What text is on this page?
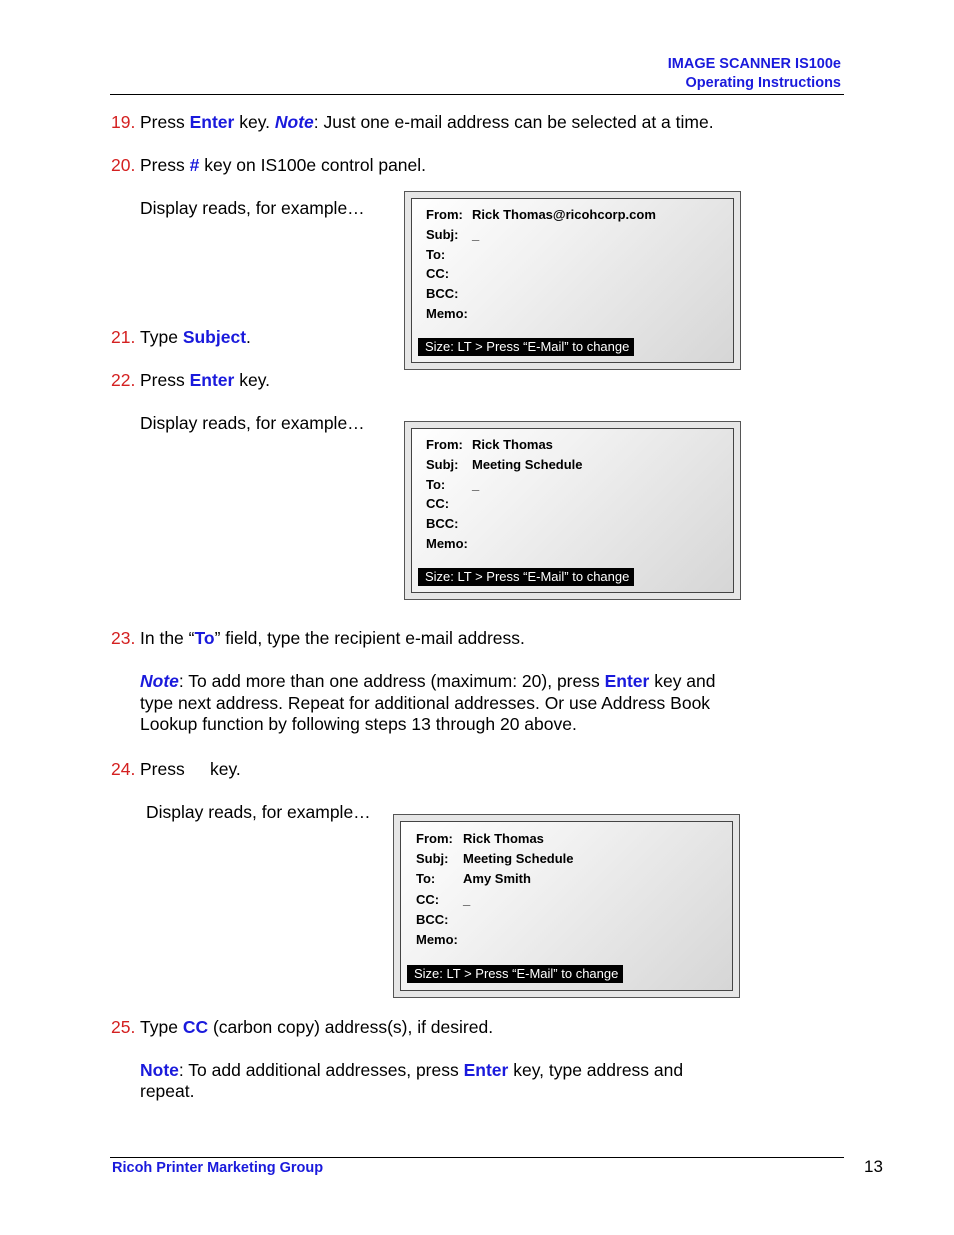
IMAGE SCANNER IS100e
Operating Instructions
19. Press Enter key. Note: Just one e-mail address can be selected at a time.
20. Press # key on IS100e control panel.
Display reads, for example…	From: Rick Thomas@ricohcorp.com
Subj:	_
To:
CC:
BCC:
Memo:
Size: LT > Press “E-Mail” to change
21. Type Subject.
22. Press Enter key.
Display reads, for example…
From: Rick Thomas
Subj:	Meeting Schedule
To:	_
CC:
BCC:
Memo:
Size: LT > Press “E-Mail” to change
23. In the “To” field, type the recipient e-mail address.
Note: To add more than one address (maximum: 20), press Enter key and
type next address. Repeat for additional addresses. Or use Address Book
Lookup function by following steps 13 through 20 above.
24. Press key.
Display reads, for example…
From: Rick Thomas
Subj:	Meeting Schedule
To:	Amy Smith
CC:	_
BCC:
Memo:
Size: LT > Press “E-Mail” to change
25. Type CC (carbon copy) address(s), if desired.
Note: To add additional addresses, press Enter key, type address and
repeat.
Ricoh Printer Marketing Group	13
